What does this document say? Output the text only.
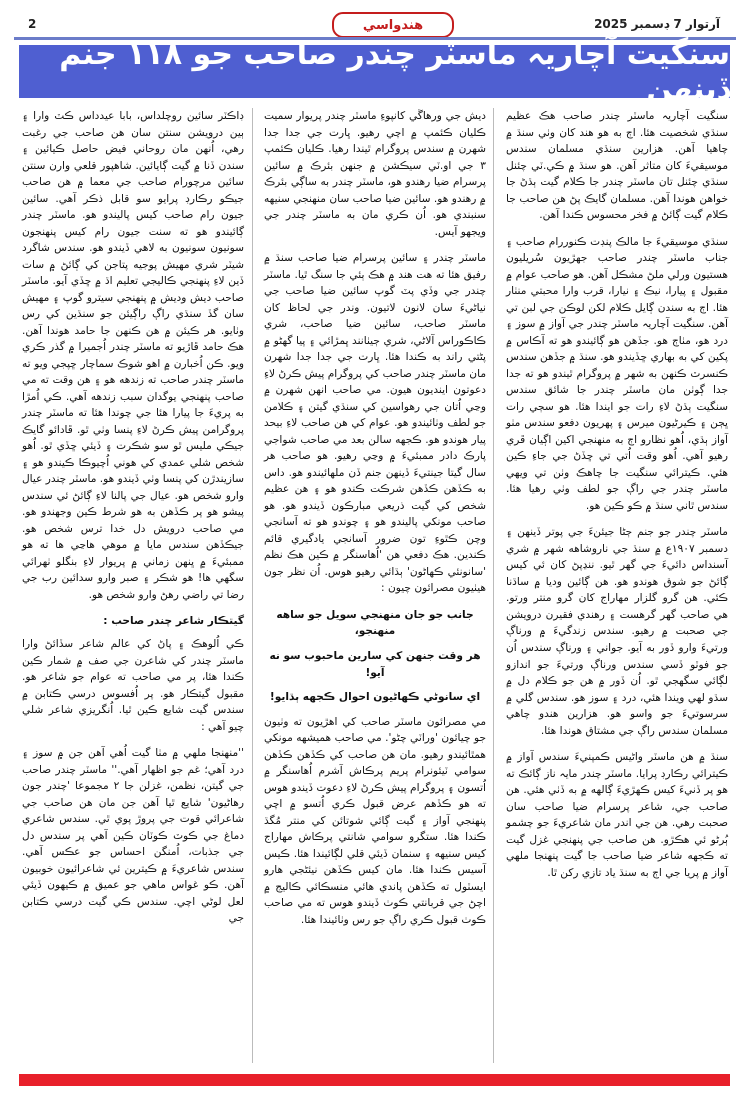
2	هندواسي	آرتوار 7 ڊسمبر 2025
سنگيت آچاريہ ماسٽر چندر صاحب جو ١١٨ جنم ڏينهن

سنگيت آچاريہ ماسٽر چندر صاحب هڪ عظيم سنڌي شخصيت هئا. اڄ به هو هند کان وٺي سنڌ ۾ چاهيا آهن. هزارين سنڌي مسلمان سندس موسيقيءَ کان متاثر آهن. هو سنڌ ۾ ڪي.ٽي چئنل سنڌي چئنل تان ماسٽر چندر جا ڪلام گيت ٻڌڻ جا خواهن هوندا آهن. مسلمان گايڪ پڻ هن صاحب جا ڪلام گيت ڳائڻ ۾ فخر محسوس ڪندا آهن.

سنڌي موسيقيءَ جا مالڪ پنڊت ڪنوررام صاحب ۽ جناب ماسٽر چندر صاحب جهڙيون سُريليون هستيون ورلي ملڻ مشڪل آهن. هو صاحب عوام ۾ مقبول ۽ پيارا، نيڪ ۽ نيارا، قرب وارا محبتي منٺار هئا. اڄ به سندن ڳايل ڪلام لکن لوڪن جي لبن تي آهن. سنگيت آچاريہ ماسٽر چندر جي آواز ۾ سوز ۽ درد هو، مٺاڄ هو. جڏهن هو ڳائيندو هو ته آڪاس ۾ پکين کي به بهاري ڇڏيندو هو. سنڌ ۾ جڏهن سندس ڪنسرٽ ڪنهن به شهر ۾ پروگرام ٿيندو هو ته جدا جدا ڳوٺن مان ماسٽر چندر جا شائق سندس سنگيت ٻڌڻ لاءِ رات جو ايندا هئا. هو سڄي رات ڀڄن ۽ ڪيرڻيون ميرس ۽ پهريون دفعو سندس مٺو آواز ٻڌي، اُهو نظارو اڄ به منهنجي اکين اڳيان ڦري رهيو آهي. اُهو وقت اُتي تي ڇڏڻ جي جاءِ ڪين هئي. ڪيترائي سنگيت جا چاهڪ وٺن تي ويهي ماسٽر چندر جي راڳ جو لطف وٺي رهيا هئا. سندس ٿاني سنڌ ۾ ڪو ڪين هو.

ماسٽر چندر جو جنم ڄڻا جيئنءَ جي پوتر ڏينهن ۽ دسمبر ١٩٠٧ع ۾ سنڌ جي ناروشاهه شهر ۾ شري آسنداس دائيءَ جي گهر ٿيو. ننڍپڻ کان ئي کيس ڳائڻ جو شوق هوندو هو. هن ڳائين وديا ۾ ساڌنا ڪئي. هن گرو گلزار مهاراج کان گرو منتر ورتو. هي صاحب گهر گرهست ۽ رهندي فقيرن درويشن جي صحبت ۾ رهيو. سندس زندگيءَ ۾ ورناڳ ورتيءَ وارو ڏور به آيو. جواني ۽ ورناڳ سندس اُن جو فوٽو ڏسي سندس ورناڳ ورتيءَ جو اندازو لڳائي سگهجي ٿو. اُن ڏور ۾ هن جو ڪلام دل ۾ سڌو لهي ويندا هئي، درد ۽ سوز هو. سندس گلي ۾ سرسوتيءَ جو واسو هو. هزارين هندو چاهي مسلمان سندس راڳ جي مشتاق هوندا هئا.

سنڌ ۾ هن ماسٽر واڻيس ڪمپنيءَ سندس آواز ۾ ڪيترائي رڪارڊ پرايا. ماسٽر چندر مايہ ناز ڳائڪ ته هو پر ڏنيءَ کيس ڪهڙيءَ ڳالهه ۾ به ڏٺي هئي. هن صاحب جي، شاعر پرسرام ضيا صاحب سان صحبت رهي. هن جي اندر مان شاعريءَ جو چشمو ٻُرڻو ئي هڪڙو. هن صاحب جي پنهنجي غزل گيت ته ڪجهه شاعر ضيا صاحب جا گيت پنهنجا ملهي آواز ۾ پريا جي اڄ به سنڌ ياد تازي رکن ٿا.

ديش جي ورهاڱي کانپوءِ ماسٽر چندر پريوار سميت ڪليان ڪئمپ ۾ اچي رهيو. ڀارت جي جدا جدا شهرن ۾ سندس پروگرام ٿيندا رهيا. ڪليان ڪئمپ ٣ جي او.ٽي سيڪشن ۾ جنهن بئرڪ ۾ سائين پرسرام ضيا رهندو هو، ماسٽر چندر به ساڳي بئرڪ ۾ رهندو هو. سائين ضيا صاحب سان منهنجي سنيهه سنبندي هو. اُن ڪري مان به ماسٽر چندر جي ويجهو آيس.

ماسٽر چندر ۽ سائين پرسرام ضيا صاحب سنڌ ۾ رفيق هئا ته هت هند ۾ هڪ ٻئي جا سنگ ٿيا. ماسٽر چندر جي وڏي پٽ گوپ سائين ضيا صاحب جي نياڻيءَ سان لانون لاتيون. وندر جي لحاظ کان ماسٽر صاحب، سائين ضيا صاحب، شري ڪاڪوراس آلاڻي، شري ڄيٺانند ڀمڙائي ۽ پيا گهڻو ۾ پڻتي راند به ڪندا هئا. ڀارت جي جدا جدا شهرن مان ماسٽر چندر صاحب کي پروگرام پيش ڪرڻ لاءِ دعوتون اينديون هيون. مي صاحب انهن شهرن ۾ وڃي اُتان جي رهواسين کي سنڌي گيتن ۽ ڪلامن جو لطف وٺائيندو هو. عوام کي هن صاحب لاءِ بيحد پيار هوندو هو. ڪجهه سالن بعد مي صاحب شواجي پارڪ دادر ممبئيءَ ۾ وڃي رهيو. هو صاحب هر سال گيتا جينتيءَ ڏينهن جنم ڏن ملهائيندو هو. داس به ڪڏهن ڪڏهن شرڪت ڪندو هو ۽ هن عظيم شخص کي گيت ذريعي مبارڪون ڏيندو هو. هو صاحب مونکي پاليندو هو ۽ چوندو هو ته آسانجي وچن ڪٿوءِ تون ضرور آسانجي يادگيري قائم ڪندين. هڪ دفعي هن 'اُهاسنگر ۾ ڪين هڪ نظم 'سانونئي ڪهاڻون' ٻڌائي رهيو هوس. اُن نظر جون هيٺيون مصرائون چيون :

جانب جو جان منهنجي سويل جو ساهه منهنجو،
هر وقت جنهن کي سارين ماحبوب سو نه آيو!
اي سانوڻي ڪهاڻيون احوال ڪجهه ٻڌايو!

مي مصرائون ماسٽر صاحب کي اهڙيون ته وٺيون جو چيائون 'وراٽي چڻو'. مي صاحب هميشهه مونکي همٿائيندو رهيو. مان هن صاحب کي ڪڏهن ڪڏهن سوامي ٽيئونرام پريم پرڪاش آشرم اُهاسنگر ۾ اُتسون ۽ پروگرام پيش ڪرڻ لاءِ دعوت ڏيندو هوس ته هو ڪڏهم عرض قبول ڪري اُتسو ۾ اچي پنهنجي آواز ۽ گيت ڳائي شوتائن کي منتر مُگڌ ڪندا هئا. ستگرو سوامي شانتي پرڪاش مهاراج کيس سنيهه ۽ سنمان ڏيئي قلي لڳائيندا هئا. ڪيس آسيس ڪندا هئا. مان کيس ڪڏهن نيئڻجي هارو ايسٽول ته ڪڏهن پاندي هائي منسڪائي ڪاليج ۾ اچڻ جي قربانتي ڪوٺ ڏيندو هوس ته مي صاحب ڪوٺ قبول ڪري راڳ جو رس وٺائيندا هئا.

ڊاڪٽر سائين روچلداس، بابا عيدداس ڪٽ وارا ۽ ٻين درويشن سنتن سان هن صاحب جي رغبت رهي، اُنهن مان روحاني فيض حاصل ڪيائين ۽ سندن ڏنا ۾ گيت ڳايائين. شاهپور قلعي وارن سنتن سائين مرچورام صاحب جي معما ۾ هن صاحب جيڪو رڪارڊ پرايو سو قابل ذڪر آهي. سائين جيون رام صاحب کيس پاليندو هو. ماسٽر چندر ڳائيندو هو ته سنت جيون رام کيس پنهنجون سونيون سونيون به لاهي ڏيندو هو. سندس شاگرد شيٽر شري مهيش پوجيه پتاجن کي ڳائڻ ۾ سات ڏين لاءِ پنهنجي ڪاليجي تعليم اڌ ۾ ڇڏي آيو. ماسٽر صاحب ديش وديش ۾ پنهنجي سيترو گوپ ۽ مهيش سان گڏ سنڌي راڳ راڳيئن جو سنڌين کي رس وٺايو. هر ڪيئن ۾ هن ڪنهن جا حامد هوندا آهن. هڪ حامد ڦاڙيو ته ماسٽر چندر اُجميرا ۾ گذر ڪري ويو. ڪن اُخبارن ۾ اهو شوڪ سماچار ڇپجي ويو ته ماسٽر چندر صاحب ته زندهه هو ۽ هن وقت ته مي صاحب پنهنجي يوگدان سبب زندهه آهي. ڪي اُمڙا به پريءَ جا پيارا هئا جي چوندا هئا ته ماسٽر چندر پروگرامن پيش ڪرڻ لاءِ پنسا وٺي ٿو. ڦادائو گايڪ جيڪي مليس ٿو سو شڪرت ۽ ڏيئي ڇڏي ٿو. اُهو شخص شلي عمدي کي هوني اُچيوڪا ڪيندو هو ۽ سازيندڙن کي پنسا وٺي ڏيندو هو. ماسٽر چندر عيال وارو شخص هو. عيال جي پالنا لاءِ ڳائڻ ئي سندس پيشو هو پر ڪڏهن به هو شرط ڪين وجهندو هو. مي صاحب درويش دل خدا ترس شخص هو. جيڪڏهن سندس مايا ۾ موهي هاڃي ها ته هو ممبئيءَ ۾ ڀنهن زماني ۾ پريوار لاءِ بنگلو ٺهرائي سگهي ها! هو شڪر ۽ صبر وارو سدائين رب جي رضا تي راضي رهڻ وارو شخص هو.

گيتڪار شاعر چندر صاحب :

ڪي اُلوهڪ ۽ پاڻ کي عالم شاعر سڏائڻ وارا ماسٽر چندر کي شاعرن جي صف ۾ شمار ڪين ڪندا هئا، پر مي صاحب ته عوام جو شاعر هو. مقبول گيتڪار هو. پر اُفسوس درسي ڪتابن ۾ سندس گيت شايع ڪين ٿيا. اُنگريزي شاعر شلي چيو آهي :

''منهنجا ملهي ۾ مٺا گيت اُهي آهن جن ۾ سوز ۽ درد آهي؛ غم جو اظهار آهي.'' ماسٽر چندر صاحب جي گيتن، نظمن، غزلن جا ٢ مجموعا 'چندر جون رهاڻيون' شايع ٿيا آهن جن مان هن صاحب جي شاعرائي قوت جي پروڙ پوي ٿي. سندس شاعري دماغ جي ڪوٽ ڪوٽان ڪين آهي پر سندس دل جي جذبات، اُمنگن احساس جو عڪس آهي. سندس شاعريءَ ۾ ڪيترين ئي شاعرائيون خوبيون آهن. ڪو غواس ماهي جو عميق ۾ ڪيهون ڏيئي لعل لوڻي اچي. سندس ڪي گيت درسي ڪتابن جي
